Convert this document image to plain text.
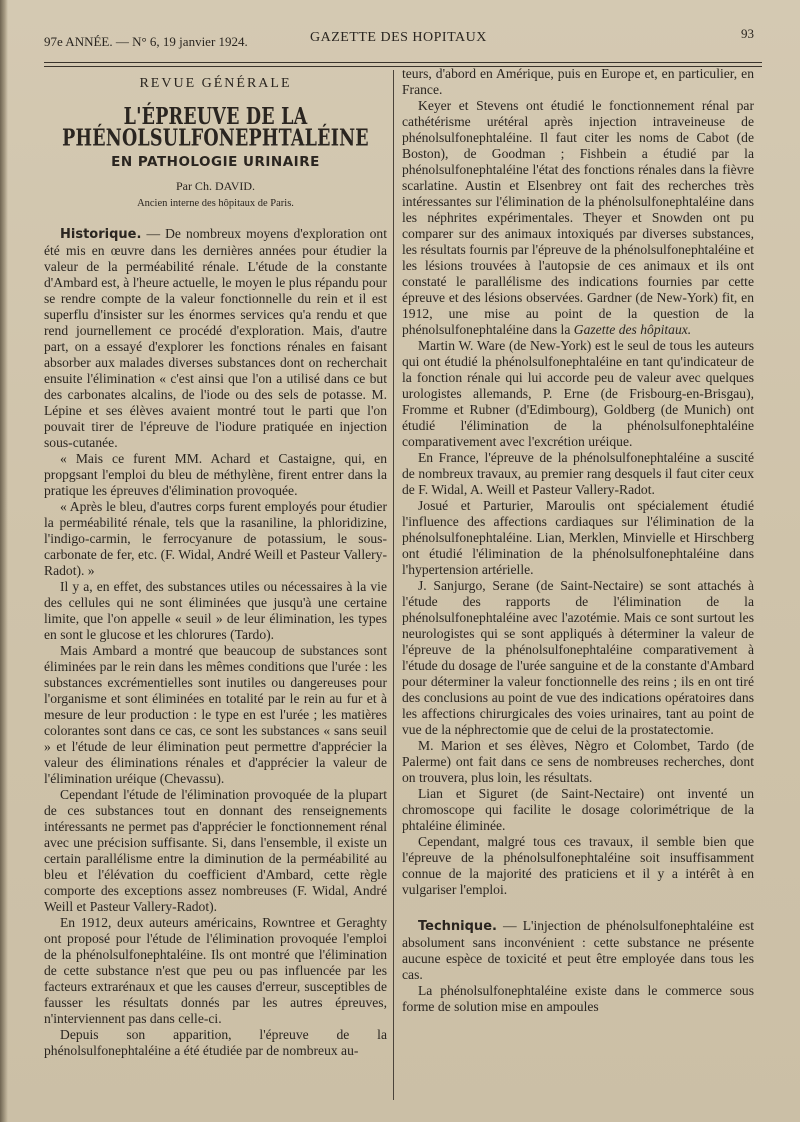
97e ANNÉE. — N° 6, 19 janvier 1924.	GAZETTE DES HOPITAUX	93
REVUE GÉNÉRALE
L'ÉPREUVE DE LA PHÉNOLSULFONEPHTALÉINE
EN PATHOLOGIE URINAIRE
Par Ch. DAVID.
Ancien interne des hôpitaux de Paris.

Historique. — De nombreux moyens d'exploration ont été mis en œuvre dans les dernières années pour étudier la valeur de la perméabilité rénale. L'étude de la constante d'Ambard est, à l'heure actuelle, le moyen le plus répandu pour se rendre compte de la valeur fonctionnelle du rein et il est superflu d'insister sur les énormes services qu'a rendu et que rend journellement ce procédé d'exploration. Mais, d'autre part, on a essayé d'explorer les fonctions rénales en faisant absorber aux malades diverses substances dont on recherchait ensuite l'élimination « c'est ainsi que l'on a utilisé dans ce but des carbonates alcalins, de l'iode ou des sels de potasse. M. Lépine et ses élèves avaient montré tout le parti que l'on pouvait tirer de l'épreuve de l'iodure pratiquée en injection sous-cutanée.

« Mais ce furent MM. Achard et Castaigne, qui, en propgsant l'emploi du bleu de méthylène, firent entrer dans la pratique les épreuves d'élimination provoquée.

« Après le bleu, d'autres corps furent employés pour étudier la perméabilité rénale, tels que la rasaniline, la phloridizine, l'indigo-carmin, le ferrocyanure de potassium, le sous-carbonate de fer, etc. (F. Widal, André Weill et Pasteur Vallery-Radot). »

Il y a, en effet, des substances utiles ou nécessaires à la vie des cellules qui ne sont éliminées que jusqu'à une certaine limite, que l'on appelle « seuil » de leur élimination, les types en sont le glucose et les chlorures (Tardo).

Mais Ambard a montré que beaucoup de substances sont éliminées par le rein dans les mêmes conditions que l'urée : les substances excrémentielles sont inutiles ou dangereuses pour l'organisme et sont éliminées en totalité par le rein au fur et à mesure de leur production : le type en est l'urée ; les matières colorantes sont dans ce cas, ce sont les substances « sans seuil » et l'étude de leur élimination peut permettre d'apprécier la valeur des éliminations rénales et d'apprécier la valeur de l'élimination uréique (Chevassu).

Cependant l'étude de l'élimination provoquée de la plupart de ces substances tout en donnant des renseignements intéressants ne permet pas d'apprécier le fonctionnement rénal avec une précision suffisante. Si, dans l'ensemble, il existe un certain parallélisme entre la diminution de la perméabilité au bleu et l'élévation du coefficient d'Ambard, cette règle comporte des exceptions assez nombreuses (F. Widal, André Weill et Pasteur Vallery-Radot).

En 1912, deux auteurs américains, Rowntree et Geraghty ont proposé pour l'étude de l'élimination provoquée l'emploi de la phénolsulfonephtaléine. Ils ont montré que l'élimination de cette substance n'est que peu ou pas influencée par les facteurs extrarénaux et que les causes d'erreur, susceptibles de fausser les résultats donnés par les autres épreuves, n'interviennent pas dans celle-ci.

Depuis son apparition, l'épreuve de la phénolsulfonephtaléine a été étudiée par de nombreux au-

teurs, d'abord en Amérique, puis en Europe et, en particulier, en France.

Keyer et Stevens ont étudié le fonctionnement rénal par cathétérisme urétéral après injection intraveineuse de phénolsulfonephtaléine. Il faut citer les noms de Cabot (de Boston), de Goodman ; Fishbein a étudié par la phénolsulfonephtaléine l'état des fonctions rénales dans la fièvre scarlatine. Austin et Elsenbrey ont fait des recherches très intéressantes sur l'élimination de la phénolsulfonephtaléine dans les néphrites expérimentales. Theyer et Snowden ont pu comparer sur des animaux intoxiqués par diverses substances, les résultats fournis par l'épreuve de la phénolsulfonephtaléine et les lésions trouvées à l'autopsie de ces animaux et ils ont constaté le parallélisme des indications fournies par cette épreuve et des lésions observées. Gardner (de New-York) fit, en 1912, une mise au point de la question de la phénolsulfonephtaléine dans la Gazette des hôpitaux.

Martin W. Ware (de New-York) est le seul de tous les auteurs qui ont étudié la phénolsulfonephtaléine en tant qu'indicateur de la fonction rénale qui lui accorde peu de valeur avec quelques urologistes allemands, P. Erne (de Frisbourg-en-Brisgau), Fromme et Rubner (d'Edimbourg), Goldberg (de Munich) ont étudié l'élimination de la phénolsulfonephtaléine comparativement avec l'excrétion uréique.

En France, l'épreuve de la phénolsulfonephtaléine a suscité de nombreux travaux, au premier rang desquels il faut citer ceux de F. Widal, A. Weill et Pasteur Vallery-Radot.

Josué et Parturier, Maroulis ont spécialement étudié l'influence des affections cardiaques sur l'élimination de la phénolsulfonephtaléine. Lian, Merklen, Minvielle et Hirschberg ont étudié l'élimination de la phénolsulfonephtaléine dans l'hypertension artérielle.

J. Sanjurgo, Serane (de Saint-Nectaire) se sont attachés à l'étude des rapports de l'élimination de la phénolsulfonephtaléine avec l'azotémie. Mais ce sont surtout les neurologistes qui se sont appliqués à déterminer la valeur de l'épreuve de la phénolsulfonephtaléine comparativement à l'étude du dosage de l'urée sanguine et de la constante d'Ambard pour déterminer la valeur fonctionnelle des reins ; ils en ont tiré des conclusions au point de vue des indications opératoires dans les affections chirurgicales des voies urinaires, tant au point de vue de la néphrectomie que de celui de la prostatectomie.

M. Marion et ses élèves, Nègro et Colombet, Tardo (de Palerme) ont fait dans ce sens de nombreuses recherches, dont on trouvera, plus loin, les résultats.

Lian et Siguret (de Saint-Nectaire) ont inventé un chromoscope qui facilite le dosage colorimétrique de la phtaléine éliminée.

Cependant, malgré tous ces travaux, il semble bien que l'épreuve de la phénolsulfonephtaléine soit insuffisamment connue de la majorité des praticiens et il y a intérêt à en vulgariser l'emploi.

Technique. — L'injection de phénolsulfonephtaléine est absolument sans inconvénient : cette substance ne présente aucune espèce de toxicité et peut être employée dans tous les cas.

La phénolsulfonephtaléine existe dans le commerce sous forme de solution mise en ampoules
